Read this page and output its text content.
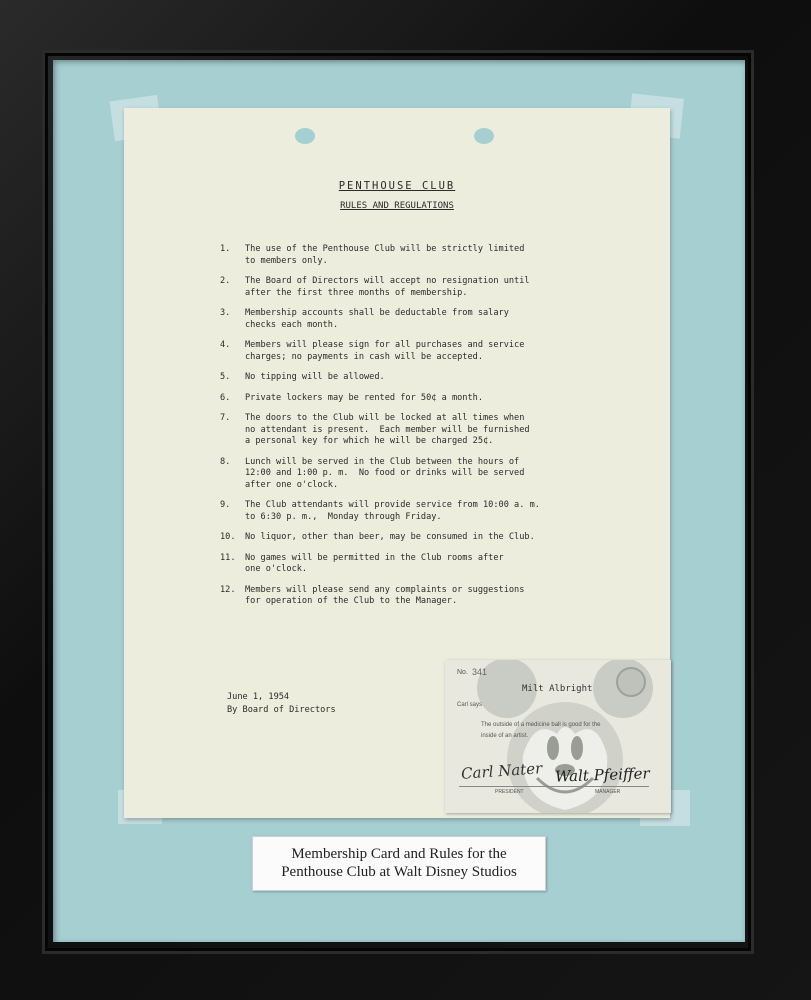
PENTHOUSE CLUB
RULES AND REGULATIONS
1. The use of the Penthouse Club will be strictly limited
to members only.
2. The Board of Directors will accept no resignation until
after the first three months of membership.
3. Membership accounts shall be deductable from salary
checks each month.
4. Members will please sign for all purchases and service
charges; no payments in cash will be accepted.
5. No tipping will be allowed.
6. Private lockers may be rented for 50¢ a month.
7. The doors to the Club will be locked at all times when
no attendant is present.  Each member will be furnished
a personal key for which he will be charged 25¢.
8. Lunch will be served in the Club between the hours of
12:00 and 1:00 p. m.  No food or drinks will be served
after one o'clock.
9. The Club attendants will provide service from 10:00 a. m.
to 6:30 p. m.,  Monday through Friday.
10. No liquor, other than beer, may be consumed in the Club.
11. No games will be permitted in the Club rooms after
one o'clock.
12. Members will please send any complaints or suggestions
for operation of the Club to the Manager.
June 1, 1954
By Board of Directors
No. 341
Milt Albright
Carl says
The outside of a medicine ball is good for the
inside of an artist.
Carl Nater Walt Pfeiffer
PRESIDENT	MANAGER
Membership Card and Rules for the
Penthouse Club at Walt Disney Studios
